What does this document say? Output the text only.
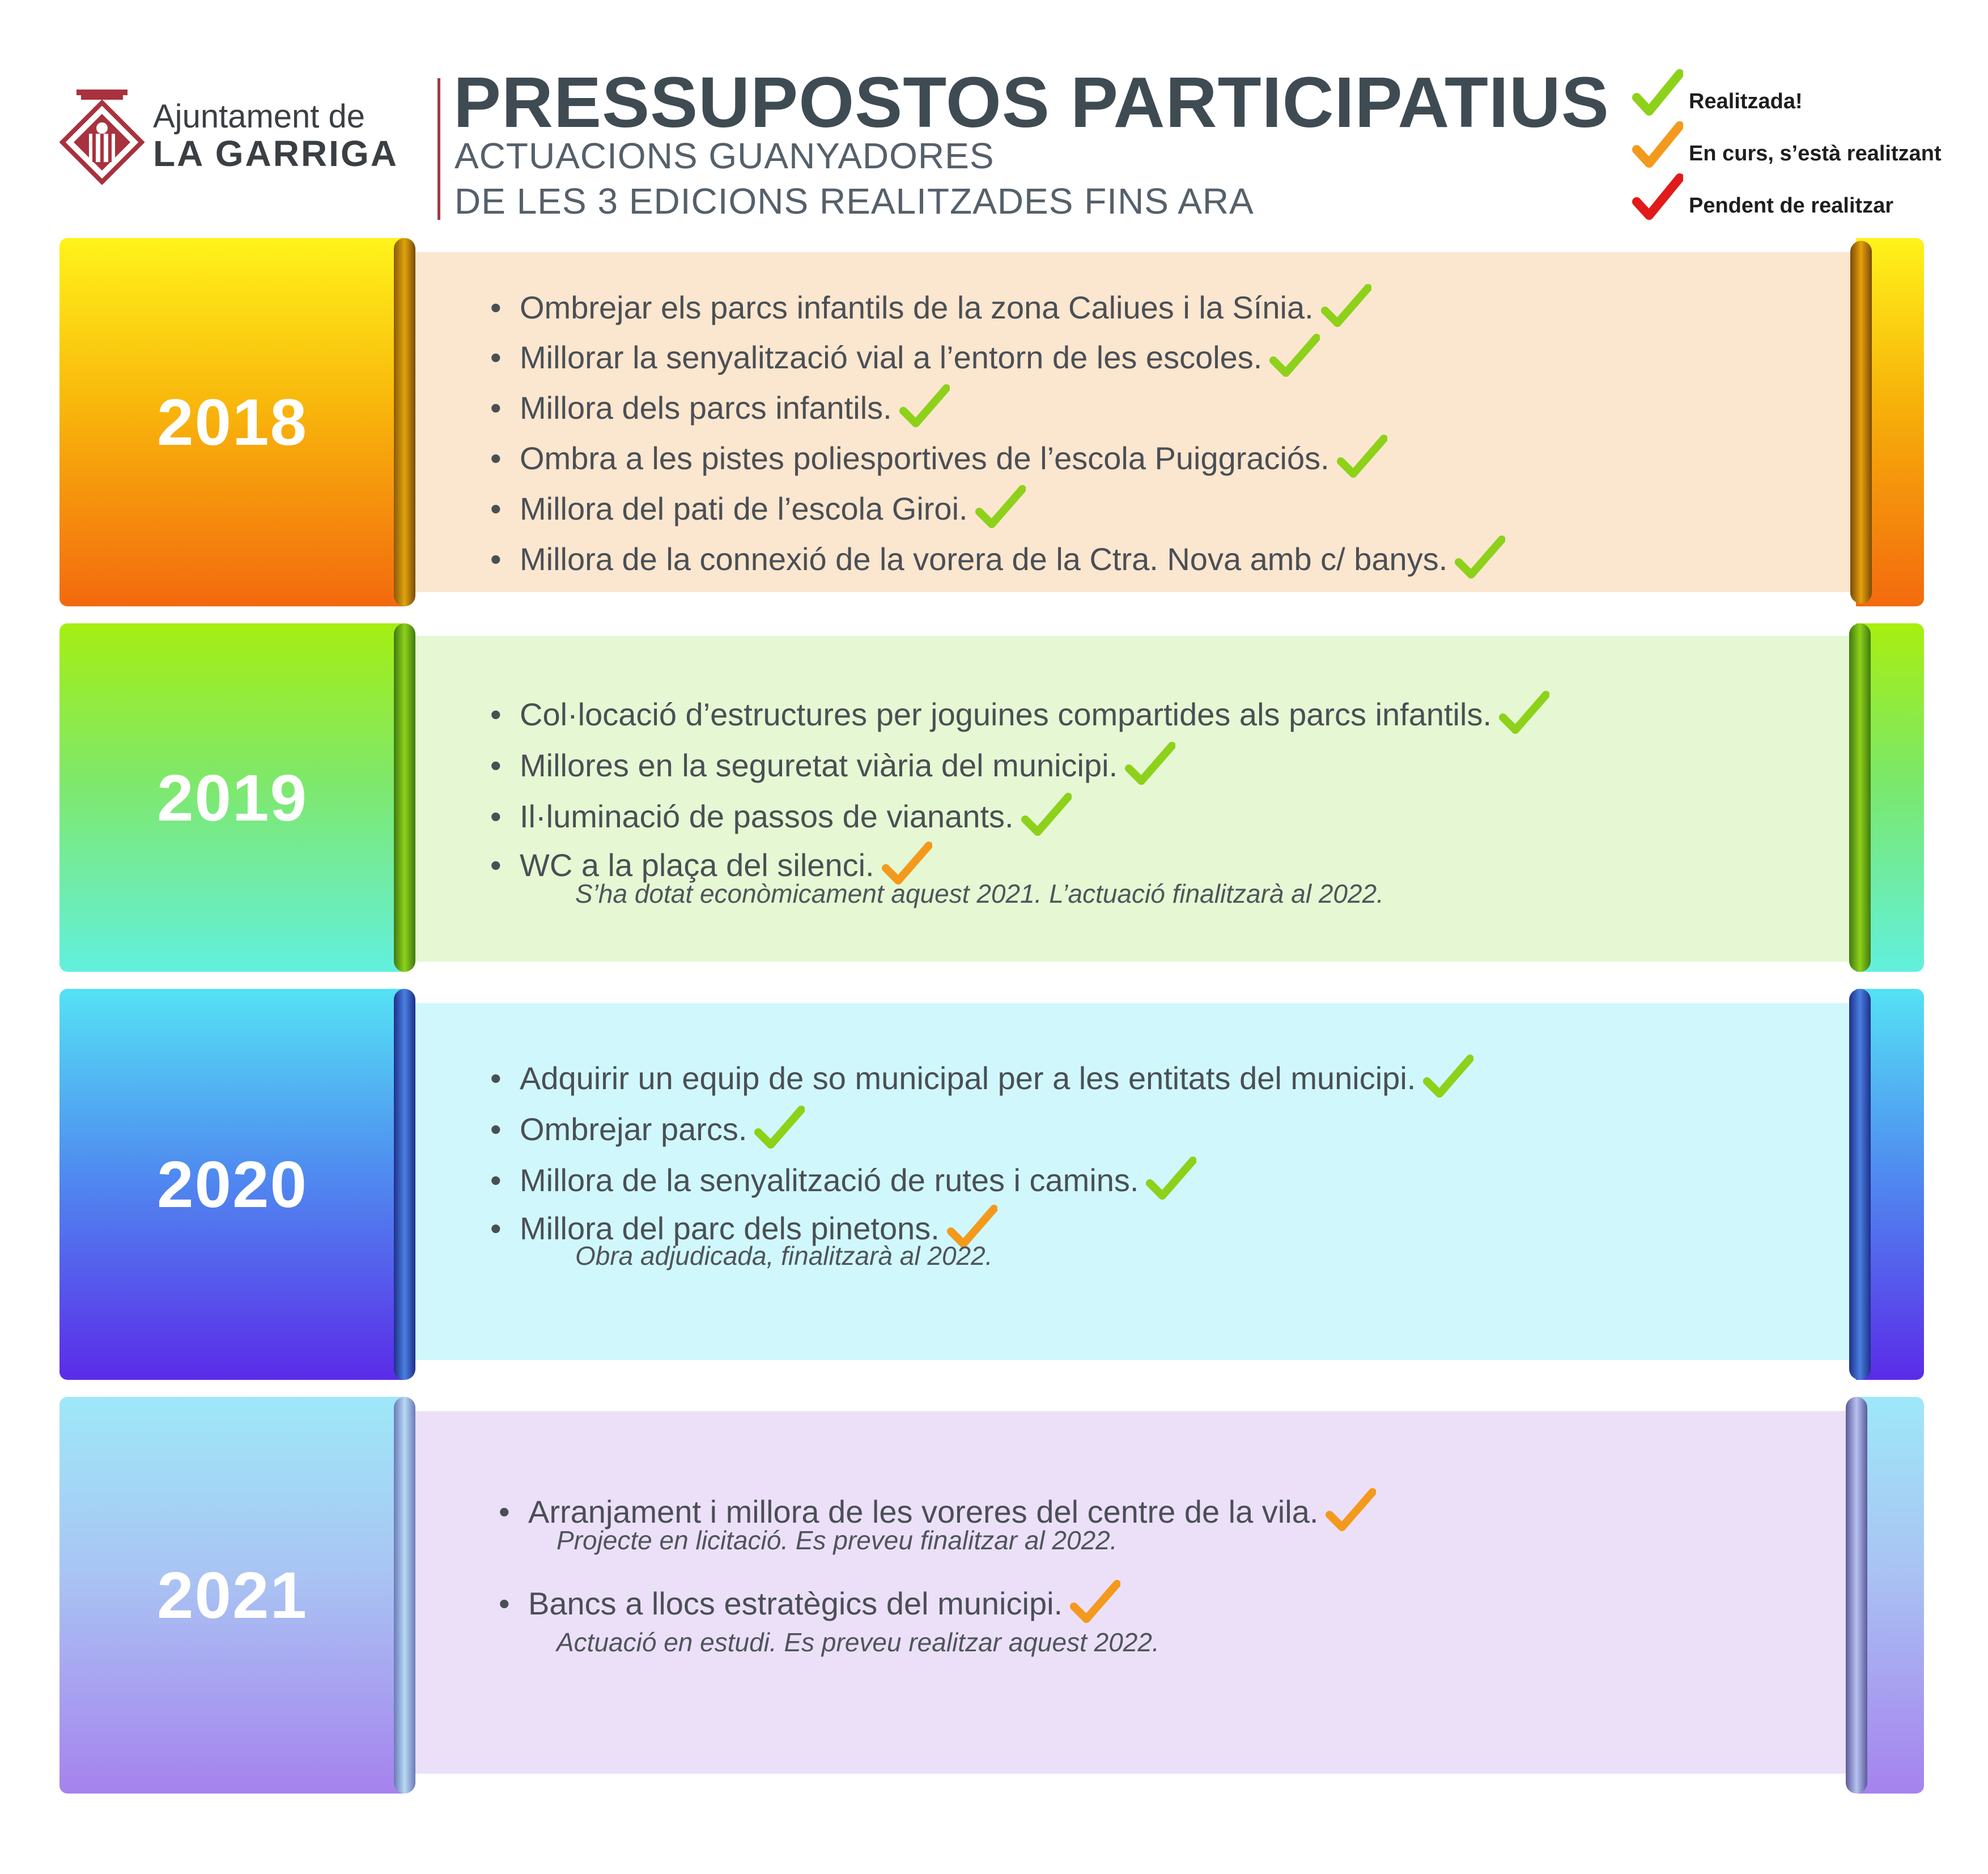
Ajuntament de
LA GARRIGA
PRESSUPOSTOS PARTICIPATIUS
ACTUACIONS GUANYADORES
DE LES 3 EDICIONS REALITZADES FINS ARA
Realitzada!
En curs, s’està realitzant
Pendent de realitzar
2018
• Ombrejar els parcs infantils de la zona Caliues i la Sínia.
• Millorar la senyalització vial a l’entorn de les escoles.
• Millora dels parcs infantils.
• Ombra a les pistes poliesportives de l’escola Puiggraciós.
• Millora del pati de l’escola Giroi.
• Millora de la connexió de la vorera de la Ctra. Nova amb c/ banys.
2019
• Col·locació d’estructures per joguines compartides als parcs infantils.
• Millores en la seguretat viària del municipi.
• Il·luminació de passos de vianants.
• WC a la plaça del silenci.
S’ha dotat econòmicament aquest 2021. L’actuació finalitzarà al 2022.
2020
• Adquirir un equip de so municipal per a les entitats del municipi.
• Ombrejar parcs.
• Millora de la senyalització de rutes i camins.
• Millora del parc dels pinetons.
Obra adjudicada, finalitzarà al 2022.
2021
• Arranjament i millora de les voreres del centre de la vila.
Projecte en licitació. Es preveu finalitzar al 2022.
• Bancs a llocs estratègics del municipi.
Actuació en estudi. Es preveu realitzar aquest 2022.
